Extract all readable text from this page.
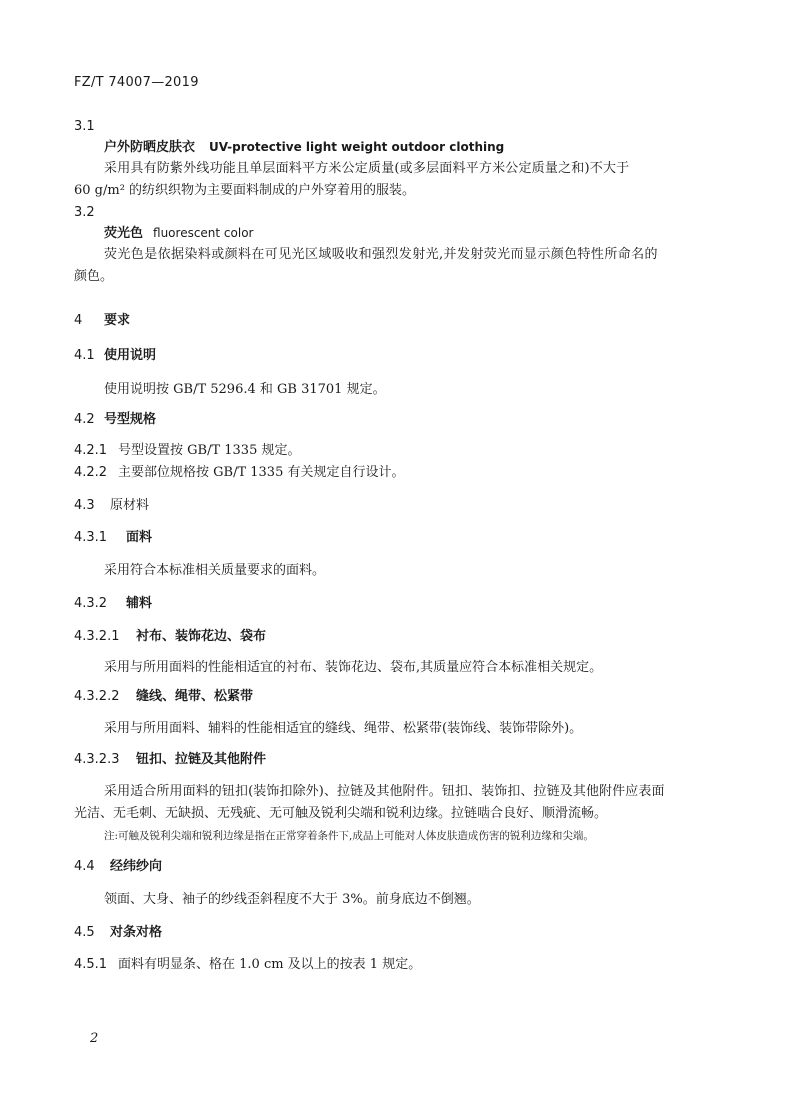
FZ/T 74007—2019
3.1
户外防晒皮肤衣 UV-protective light weight outdoor clothing
采用具有防紫外线功能且单层面料平方米公定质量(或多层面料平方米公定质量之和)不大于
60 g/m² 的纺织织物为主要面料制成的户外穿着用的服装。
3.2
荧光色 fluorescent color
荧光色是依据染料或颜料在可见光区域吸收和强烈发射光,并发射荧光而显示颜色特性所命名的
颜色。
4 要求
4.1 使用说明
使用说明按 GB/T 5296.4 和 GB 31701 规定。
4.2 号型规格
4.2.1 号型设置按 GB/T 1335 规定。
4.2.2 主要部位规格按 GB/T 1335 有关规定自行设计。
4.3 原材料
4.3.1 面料
采用符合本标准相关质量要求的面料。
4.3.2 辅料
4.3.2.1 衬布、装饰花边、袋布
采用与所用面料的性能相适宜的衬布、装饰花边、袋布,其质量应符合本标准相关规定。
4.3.2.2 缝线、绳带、松紧带
采用与所用面料、辅料的性能相适宜的缝线、绳带、松紧带(装饰线、装饰带除外)。
4.3.2.3 钮扣、拉链及其他附件
采用适合所用面料的钮扣(装饰扣除外)、拉链及其他附件。钮扣、装饰扣、拉链及其他附件应表面
光洁、无毛刺、无缺损、无残疵、无可触及锐利尖端和锐利边缘。拉链啮合良好、顺滑流畅。
注:可触及锐利尖端和锐利边缘是指在正常穿着条件下,成品上可能对人体皮肤造成伤害的锐利边缘和尖端。
4.4 经纬纱向
领面、大身、袖子的纱线歪斜程度不大于 3%。前身底边不倒翘。
4.5 对条对格
4.5.1 面料有明显条、格在 1.0 cm 及以上的按表 1 规定。
2
